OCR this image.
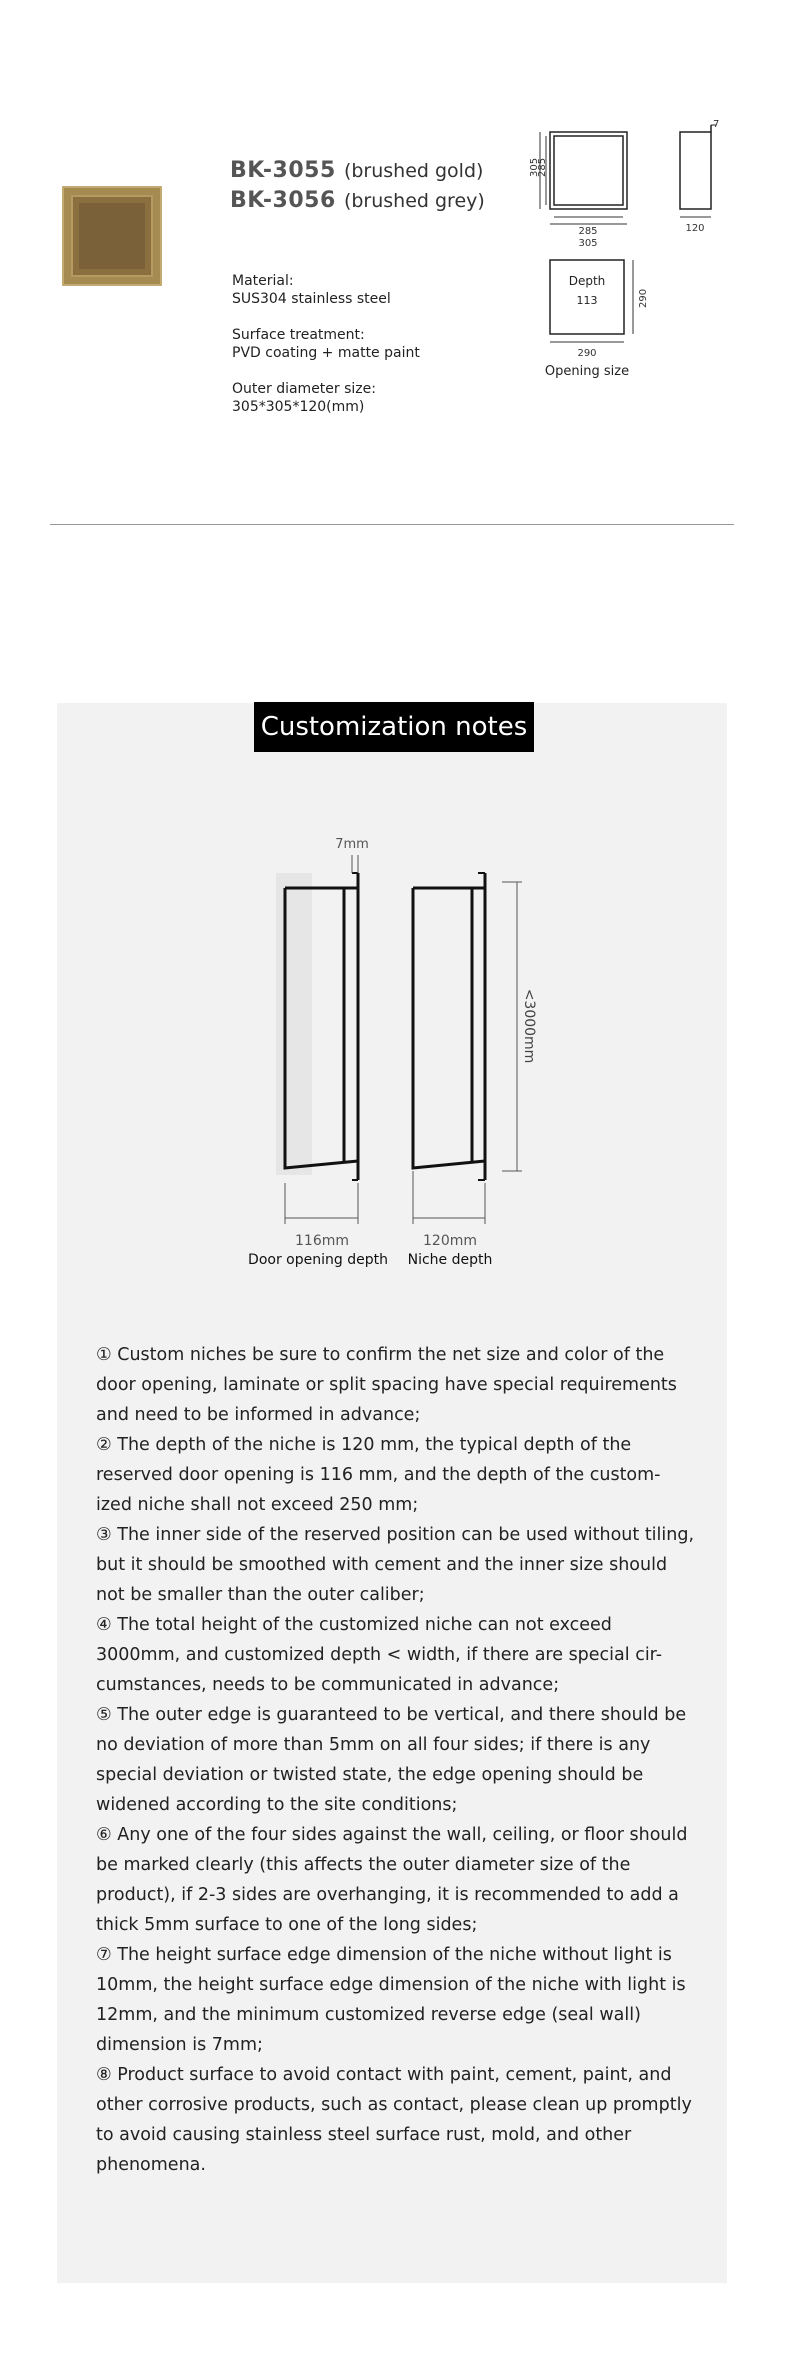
BK-3055 (brushed gold)
BK-3056 (brushed grey)
Material:
SUS304 stainless steel
Surface treatment:
PVD coating + matte paint
Outer diameter size:
305*305*120(mm)
305
285
285
305
7
120
Depth
113	290
290
Opening size
Customization notes
7mm
<3000mm
116mm
Door opening depth
120mm
Niche depth

① Custom niches be sure to confirm the net size and color of the door opening, laminate or split spacing have special requirements and need to be informed in advance;

② The depth of the niche is 120 mm, the typical depth of the reserved door opening is 116 mm, and the depth of the custom-ized niche shall not exceed 250 mm;

③ The inner side of the reserved position can be used without tiling, but it should be smoothed with cement and the inner size should not be smaller than the outer caliber;

④ The total height of the customized niche can not exceed 3000mm, and customized depth < width, if there are special cir-cumstances, needs to be communicated in advance;

⑤ The outer edge is guaranteed to be vertical, and there should be no deviation of more than 5mm on all four sides; if there is any special deviation or twisted state, the edge opening should be widened according to the site conditions;

⑥ Any one of the four sides against the wall, ceiling, or floor should be marked clearly (this affects the outer diameter size of the product), if 2-3 sides are overhanging, it is recommended to add a thick 5mm surface to one of the long sides;

⑦ The height surface edge dimension of the niche without light is 10mm, the height surface edge dimension of the niche with light is 12mm, and the minimum customized reverse edge (seal wall) dimension is 7mm;

⑧ Product surface to avoid contact with paint, cement, paint, and other corrosive products, such as contact, please clean up promptly to avoid causing stainless steel surface rust, mold, and other phenomena.
